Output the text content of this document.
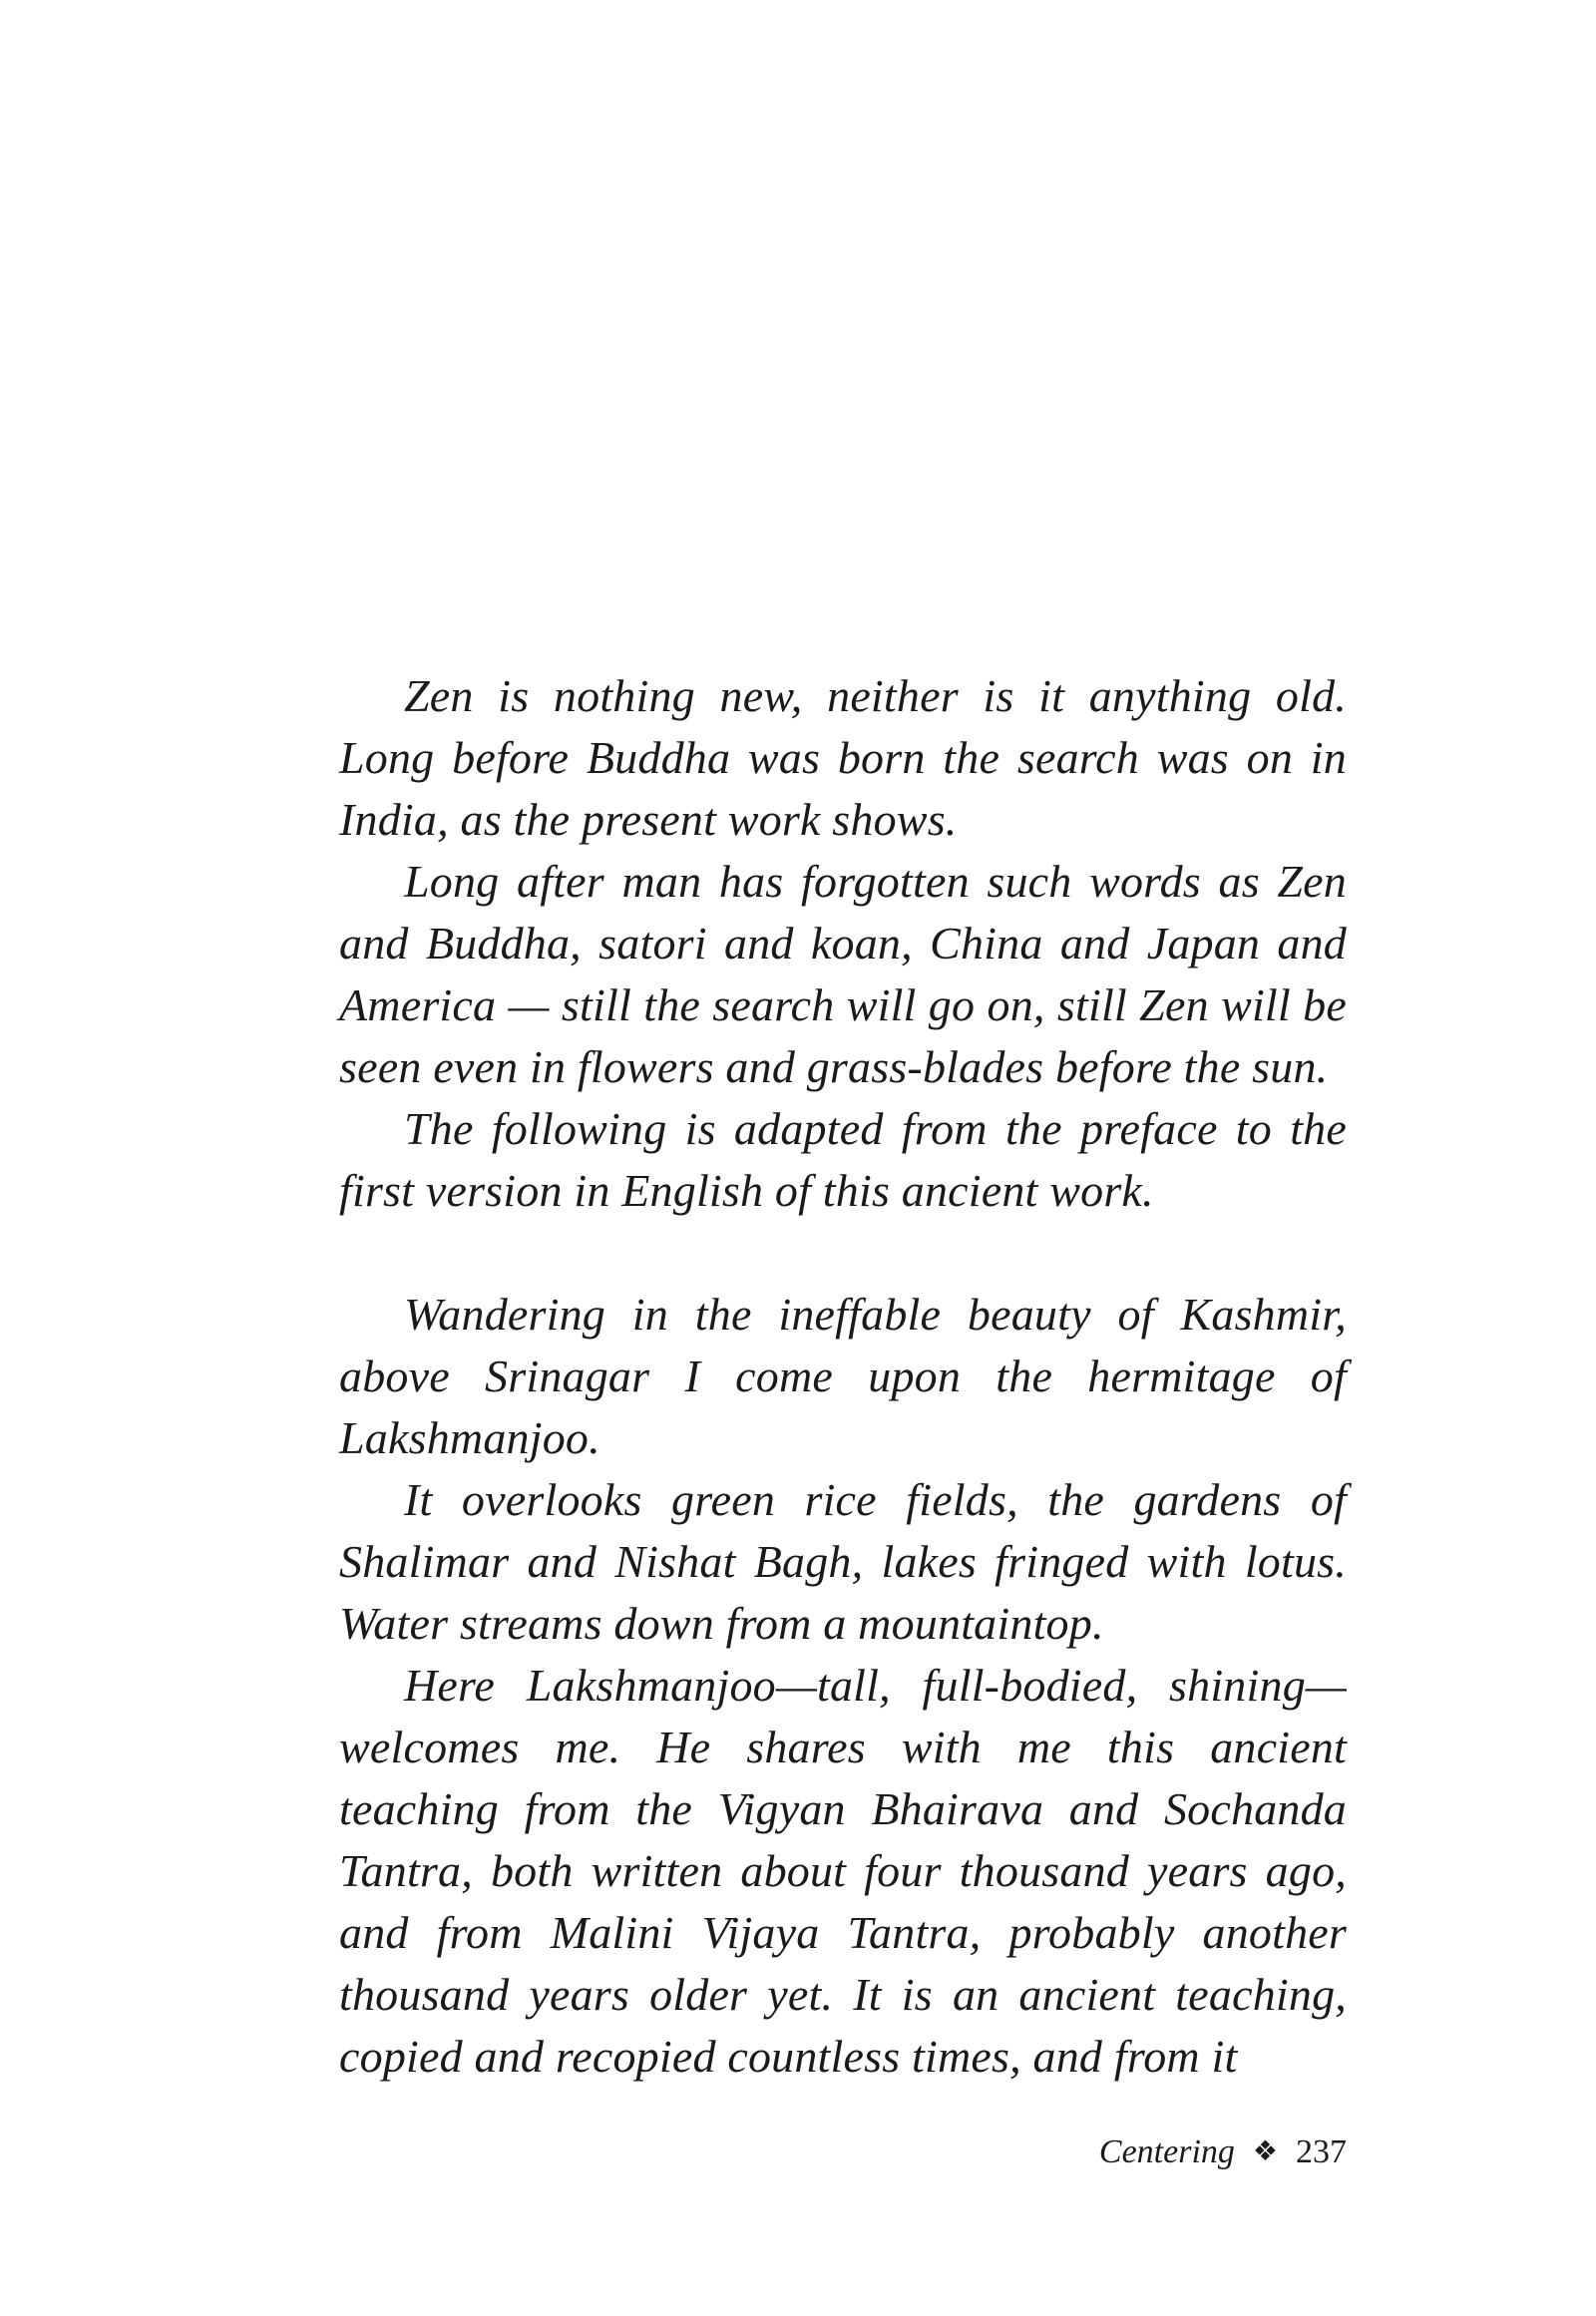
Zen is nothing new, neither is it anything old. Long before Buddha was born the search was on in India, as the present work shows.

Long after man has forgotten such words as Zen and Buddha, satori and koan, China and Japan and America — still the search will go on, still Zen will be seen even in flowers and grass-blades before the sun.

The following is adapted from the preface to the first version in English of this ancient work.

Wandering in the ineffable beauty of Kashmir, above Srinagar I come upon the hermitage of Lakshmanjoo.

It overlooks green rice fields, the gardens of Shalimar and Nishat Bagh, lakes fringed with lotus. Water streams down from a mountaintop.

Here Lakshmanjoo—tall, full-bodied, shining—welcomes me. He shares with me this ancient teaching from the Vigyan Bhairava and Sochanda Tantra, both written about four thousand years ago, and from Malini Vijaya Tantra, probably another thousand years older yet. It is an ancient teaching, copied and recopied countless times, and from it

Centering ❖ 237
